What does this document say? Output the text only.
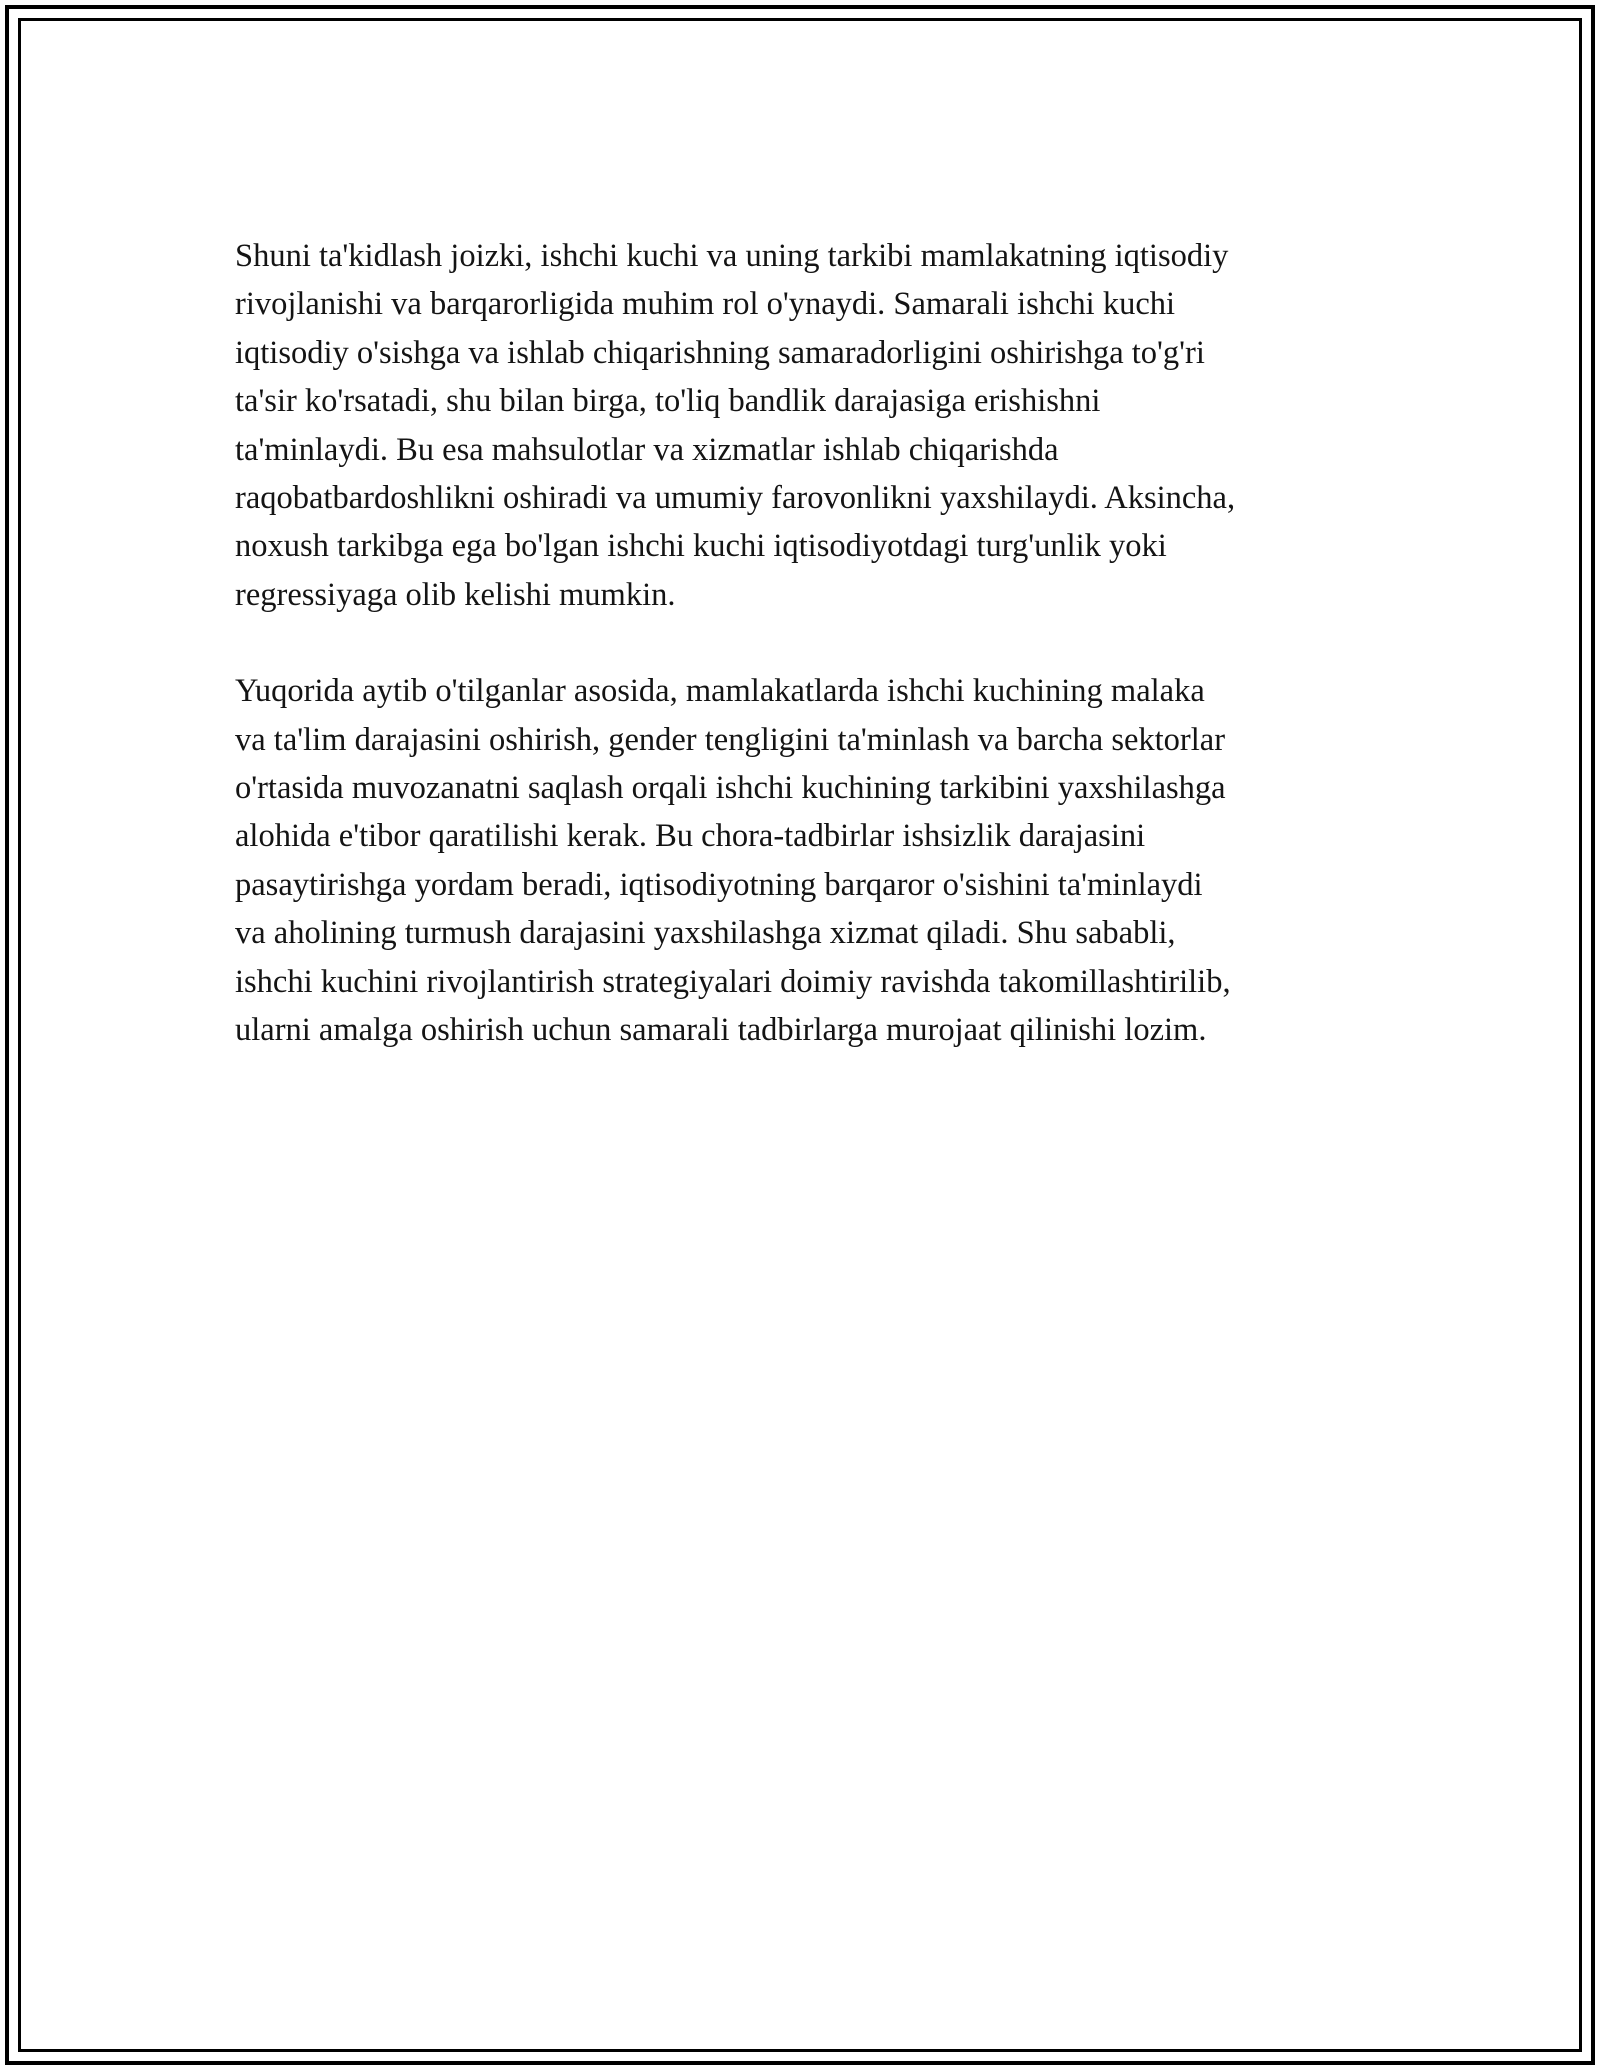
Shuni ta'kidlash joizki, ishchi kuchi va uning tarkibi mamlakatning iqtisodiy
rivojlanishi va barqarorligida muhim rol o'ynaydi. Samarali ishchi kuchi
iqtisodiy o'sishga va ishlab chiqarishning samaradorligini oshirishga to'g'ri
ta'sir ko'rsatadi, shu bilan birga, to'liq bandlik darajasiga erishishni
ta'minlaydi. Bu esa mahsulotlar va xizmatlar ishlab chiqarishda
raqobatbardoshlikni oshiradi va umumiy farovonlikni yaxshilaydi. Aksincha,
noxush tarkibga ega bo'lgan ishchi kuchi iqtisodiyotdagi turg'unlik yoki
regressiyaga olib kelishi mumkin.

Yuqorida aytib o'tilganlar asosida, mamlakatlarda ishchi kuchining malaka
va ta'lim darajasini oshirish, gender tengligini ta'minlash va barcha sektorlar
o'rtasida muvozanatni saqlash orqali ishchi kuchining tarkibini yaxshilashga
alohida e'tibor qaratilishi kerak. Bu chora-tadbirlar ishsizlik darajasini
pasaytirishga yordam beradi, iqtisodiyotning barqaror o'sishini ta'minlaydi
va aholining turmush darajasini yaxshilashga xizmat qiladi. Shu sababli,
ishchi kuchini rivojlantirish strategiyalari doimiy ravishda takomillashtirilib,
ularni amalga oshirish uchun samarali tadbirlarga murojaat qilinishi lozim.
